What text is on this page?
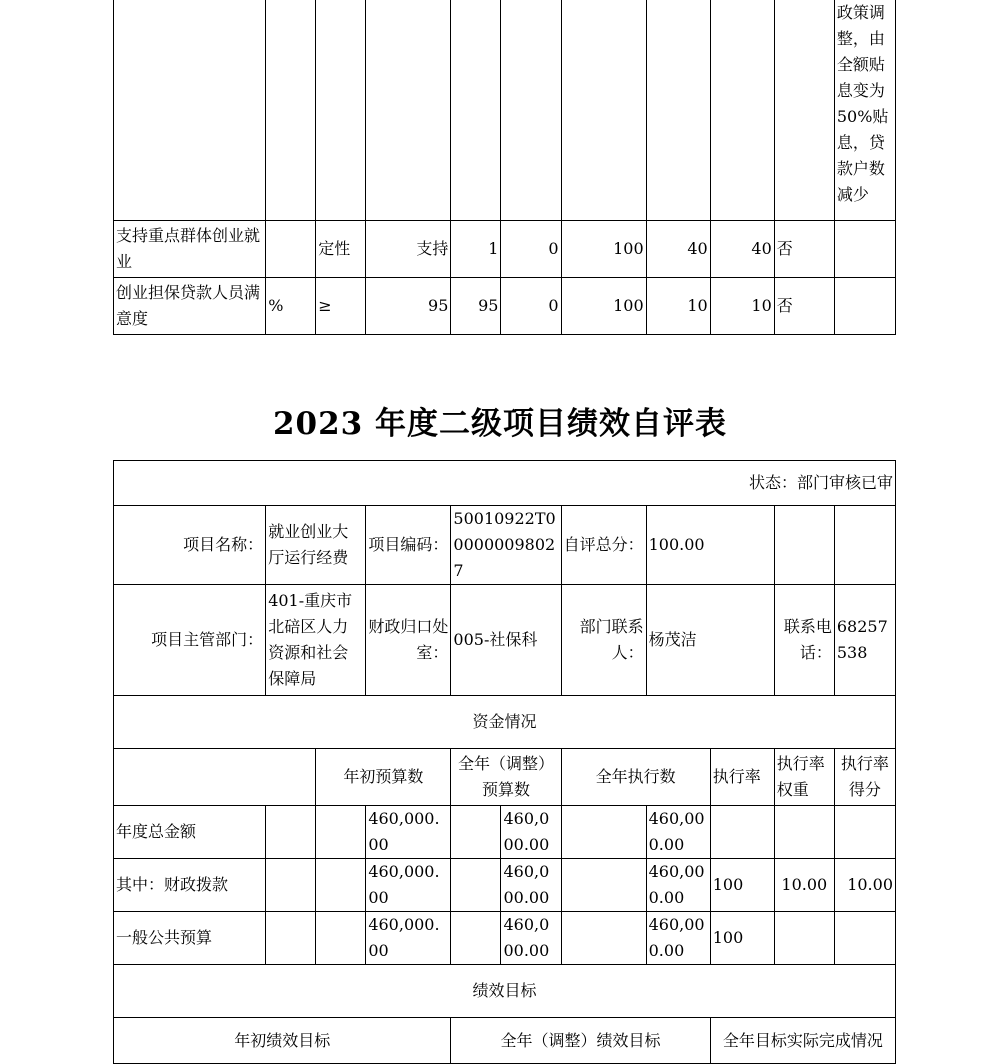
										政策调整，由全额贴息变为50%贴息，贷款户数减少
支持重点群体创业就业		定性	支持	1	0	100	40	40	否	
创业担保贷款人员满意度	%	≥	95	95	0	100	10	10	否	
2023 年度二级项目绩效自评表
状态：部门审核已审										
项目名称：	就业创业大厅运行经费		项目编码：	50010922T000000098027		自评总分：	100.00			
项目主管部门：	401-重庆市北碚区人力资源和社会保障局		财政归口处室：	005-社保科		部门联系人：	杨茂洁		联系电话：	68257538
资金情况										
		年初预算数		全年（调整）预算数		全年执行数		执行率	执行率权重	执行率得分
年度总金额			460,000.00		460,000.00		460,000.00			
其中：财政拨款			460,000.00		460,000.00		460,000.00	100	10.00	10.00
一般公共预算			460,000.00		460,000.00		460,000.00	100		
绩效目标										
年初绩效目标				全年（调整）绩效目标				全年目标实际完成情况		
